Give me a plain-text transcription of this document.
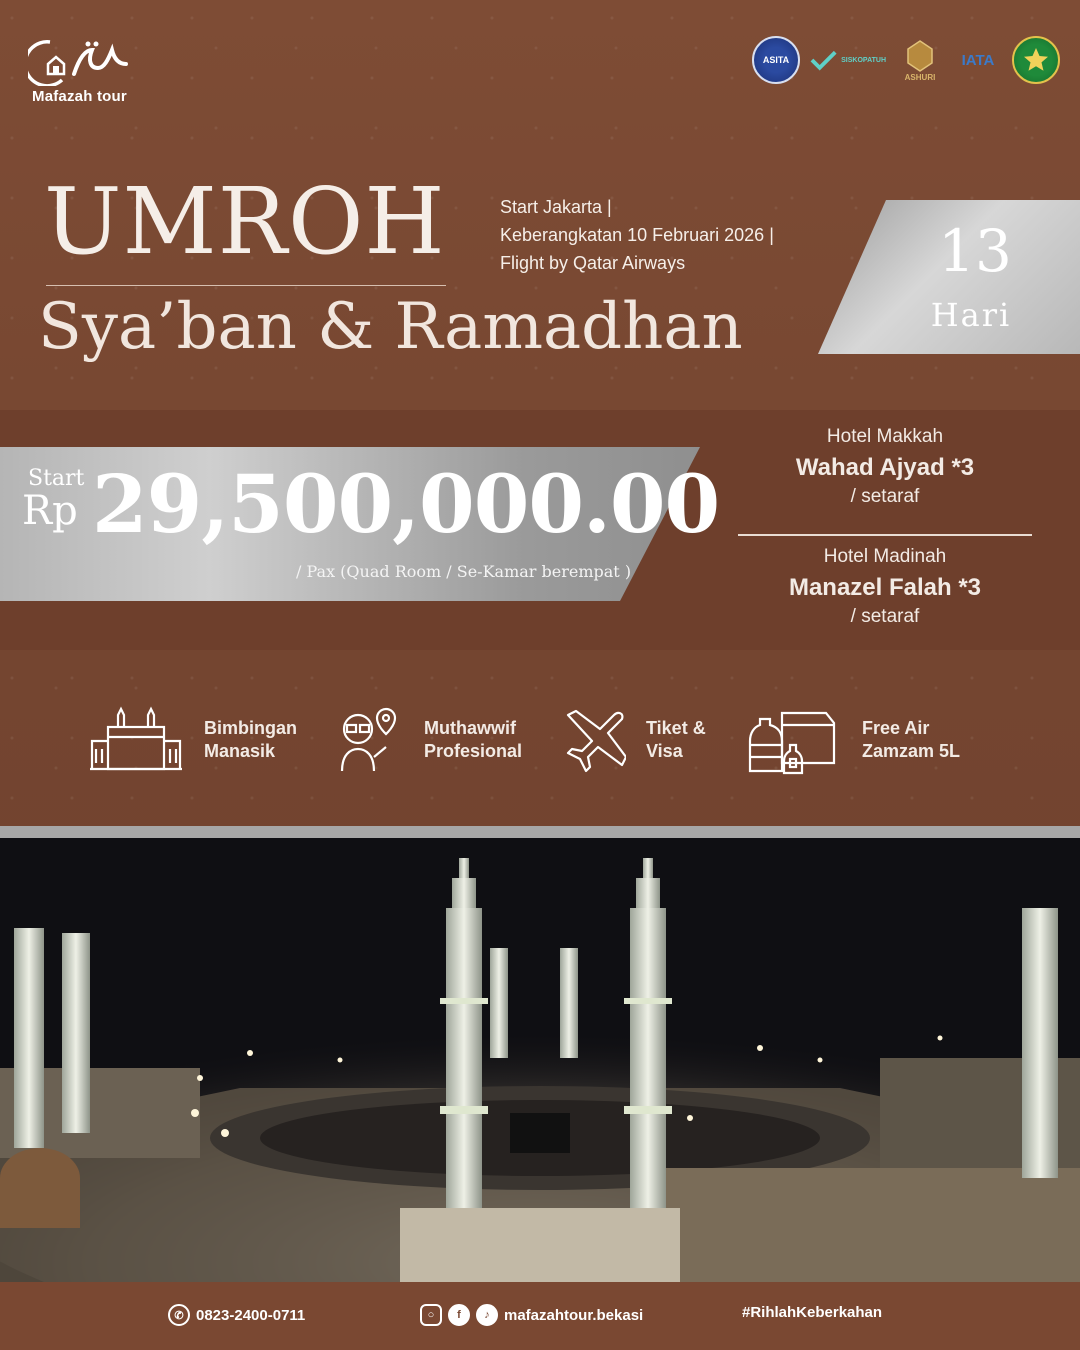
Mafazah tour
ASITA	SISKOPATUH
ASHURI
IATA
UMROH
Sya’ban & Ramadhan
Start Jakarta |
Keberangkatan 10 Februari 2026 |
Flight by Qatar Airways	13
Hari
Start
Rp 29,500,000.00
/ Pax (Quad Room / Se-Kamar berempat )
Hotel Makkah
Wahad Ajyad *3
/ setaraf
Hotel Madinah
Manazel Falah *3
/ setaraf
Bimbingan
Manasik
Muthawwif
Profesional
Tiket &
Visa
Free Air
Zamzam 5L
✆ 0823-2400-0711	○	f	♪ mafazahtour.bekasi	#RihlahKeberkahan
